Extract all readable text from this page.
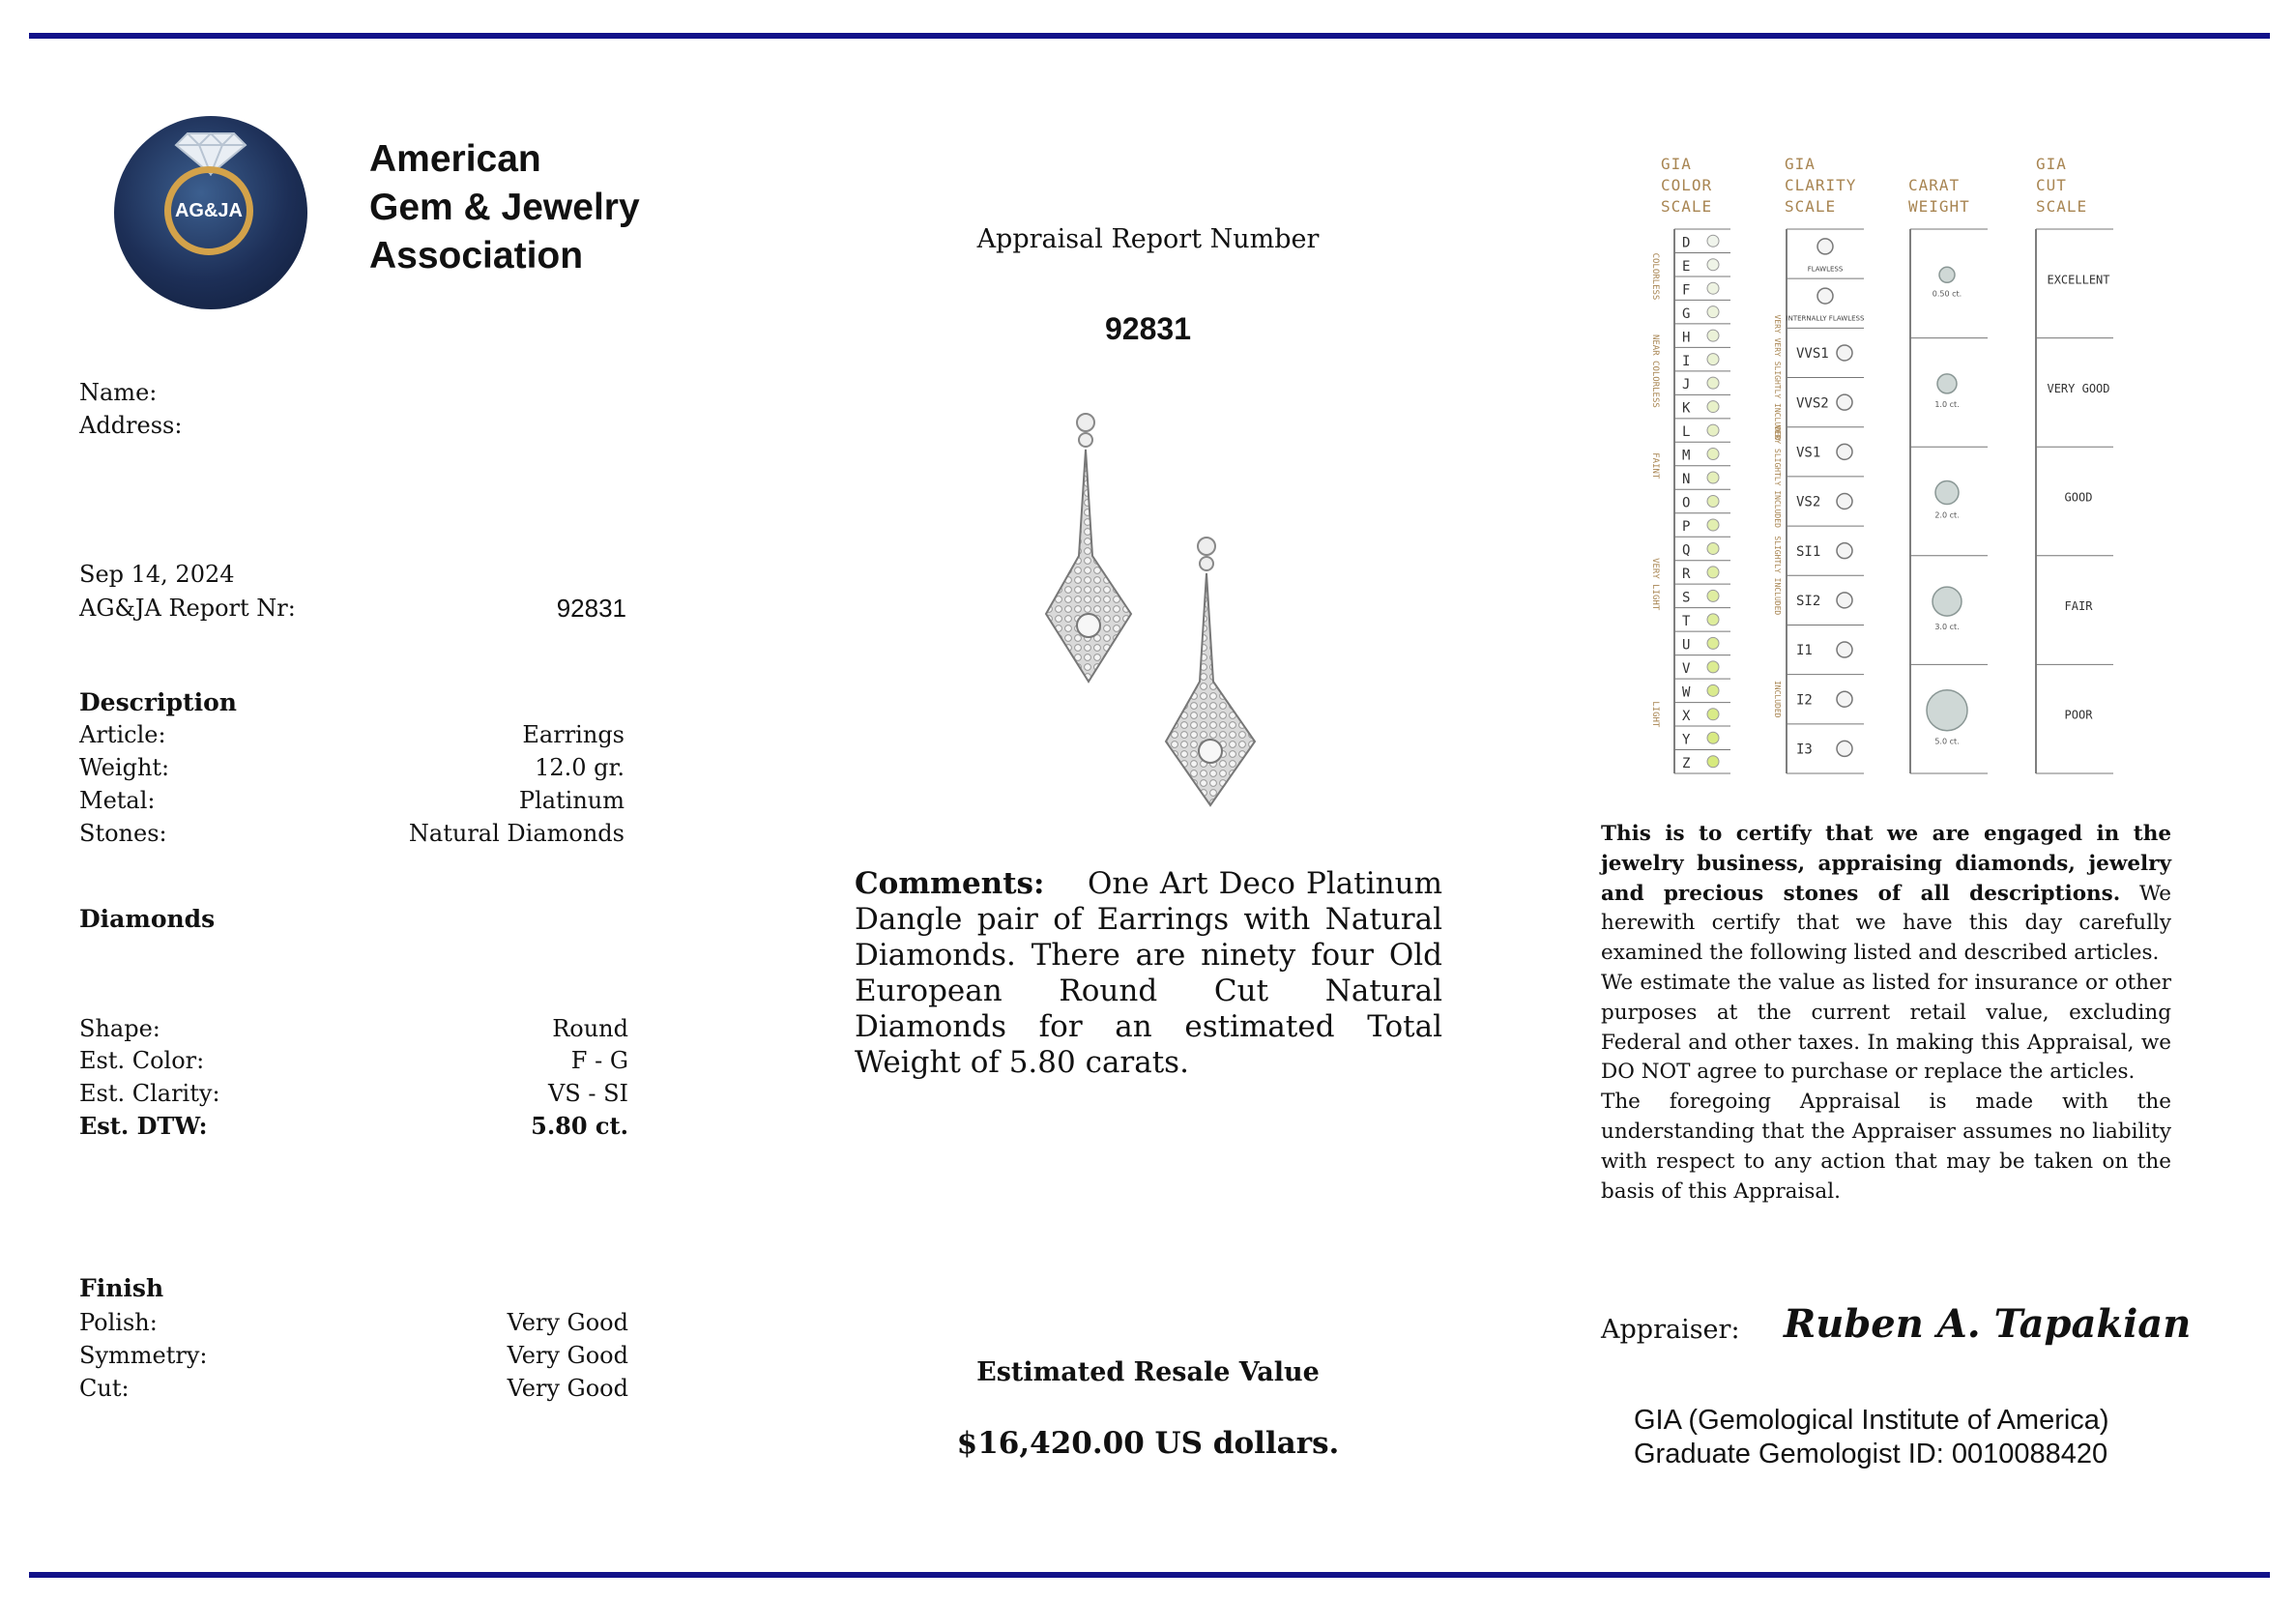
AG&JA
American
Gem & Jewelry
Association
Name:
Address:
Sep 14, 2024
AG&JA Report Nr:	92831
Description
Article:	Earrings
Weight:	12.0 gr.
Metal:	Platinum
Stones:	Natural Diamonds
Diamonds
Shape:	Round
Est. Color:	F - G
Est. Clarity:	VS - SI
Est. DTW:	5.80 ct.
Finish
Polish:	Very Good
Symmetry:	Very Good
Cut:	Very Good
Appraisal Report Number
92831
Comments: One Art Deco Platinum Dangle pair of Earrings with Natural Diamonds. There are ninety four Old European Round Cut Natural Diamonds for an estimated Total Weight of 5.80 carats.
Estimated Resale Value
$16,420.00 US dollars.
GIA
COLOR
SCALE
GIA
CLARITY
SCALE
CARAT
WEIGHT
GIA
CUT
SCALE
D
E
F
G
H
I
J
K
L
M
N
O
P
Q
R
S
T
U
V
W
X
Y
Z
COLORLESS
NEAR COLORLESS
FAINT
VERY LIGHT
LIGHT
FLAWLESS
INTERNALLY FLAWLESS
VVS1
VVS2
VS1
VS2
SI1
SI2
I1
I2
I3
VERY VERY SLIGHTLY INCLUDED
VERY SLIGHTLY INCLUDED
SLIGHTLY INCLUDED
INCLUDED
0.50 ct.
1.0 ct.
2.0 ct.
3.0 ct.
5.0 ct.
EXCELLENT
VERY GOOD
GOOD
FAIR
POOR
This is to certify that we are engaged in the jewelry business, appraising diamonds, jewelry and precious stones of all descriptions. We herewith certify that we have this day carefully examined the following listed and described articles.
We estimate the value as listed for insurance or other purposes at the current retail value, excluding Federal and other taxes. In making this Appraisal, we DO NOT agree to purchase or replace the articles.
The foregoing Appraisal is made with the understanding that the Appraiser assumes no liability with respect to any action that may be taken on the basis of this Appraisal.
Appraiser: Ruben A. Tapakian
GIA (Gemological Institute of America)
Graduate Gemologist ID: 0010088420
